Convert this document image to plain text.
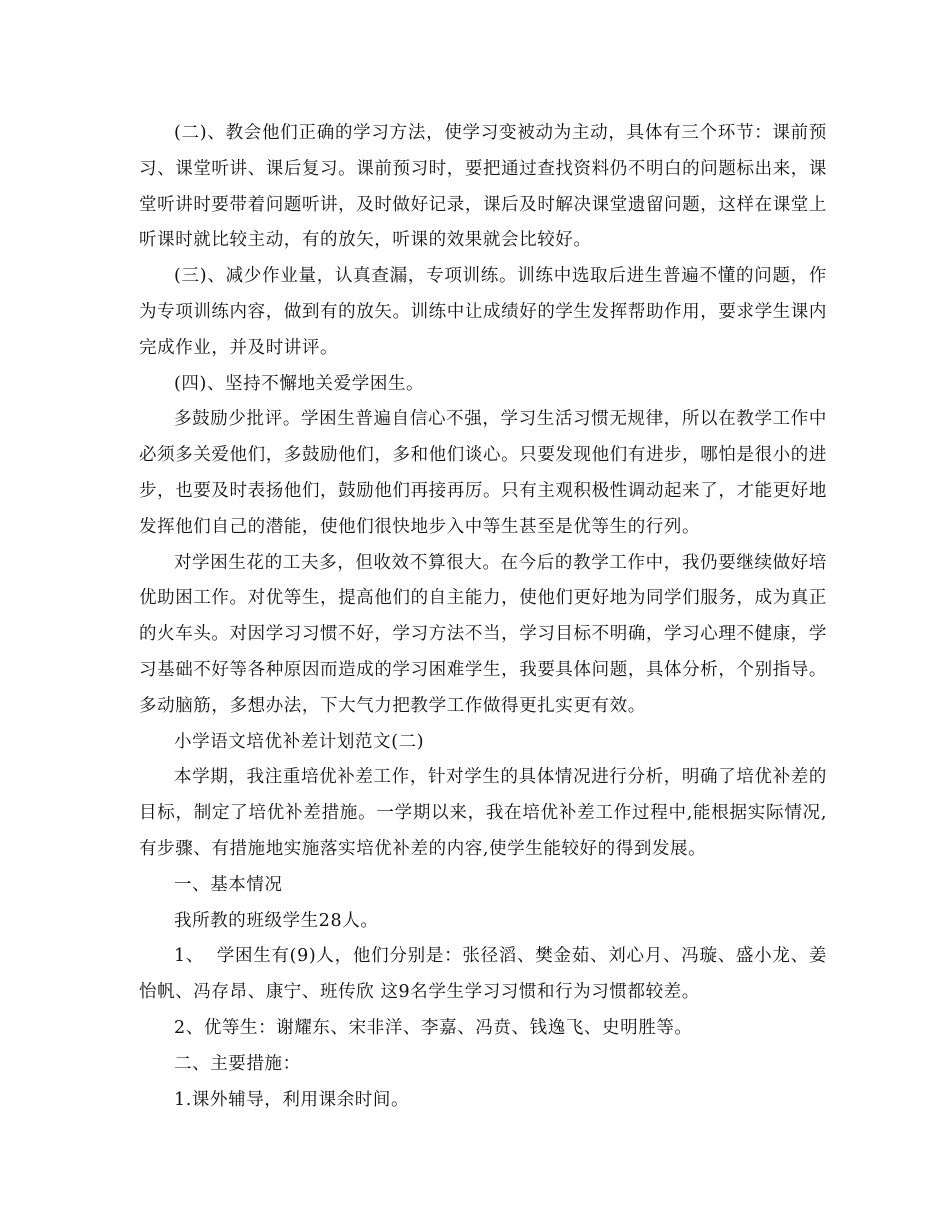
(二)、教会他们正确的学习方法，使学习变被动为主动，具体有三个环节：课前预习、课堂听讲、课后复习。课前预习时，要把通过查找资料仍不明白的问题标出来，课堂听讲时要带着问题听讲，及时做好记录，课后及时解决课堂遗留问题，这样在课堂上听课时就比较主动，有的放矢，听课的效果就会比较好。

(三)、减少作业量，认真查漏，专项训练。训练中选取后进生普遍不懂的问题，作为专项训练内容，做到有的放矢。训练中让成绩好的学生发挥帮助作用，要求学生课内完成作业，并及时讲评。

(四)、坚持不懈地关爱学困生。

多鼓励少批评。学困生普遍自信心不强，学习生活习惯无规律，所以在教学工作中必须多关爱他们，多鼓励他们，多和他们谈心。只要发现他们有进步，哪怕是很小的进步，也要及时表扬他们，鼓励他们再接再厉。只有主观积极性调动起来了，才能更好地发挥他们自己的潜能，使他们很快地步入中等生甚至是优等生的行列。

对学困生花的工夫多，但收效不算很大。在今后的教学工作中，我仍要继续做好培优助困工作。对优等生，提高他们的自主能力，使他们更好地为同学们服务，成为真正的火车头。对因学习习惯不好，学习方法不当，学习目标不明确，学习心理不健康，学习基础不好等各种原因而造成的学习困难学生，我要具体问题，具体分析，个别指导。多动脑筋，多想办法，下大气力把教学工作做得更扎实更有效。

小学语文培优补差计划范文(二)

本学期，我注重培优补差工作，针对学生的具体情况进行分析，明确了培优补差的目标，制定了培优补差措施。一学期以来，我在培优补差工作过程中,能根据实际情况,有步骤、有措施地实施落实培优补差的内容,使学生能较好的得到发展。

一、基本情况

我所教的班级学生28人。

1、  学困生有(9)人，他们分别是：张径滔、樊金茹、刘心月、冯璇、盛小龙、姜怡帆、冯存昂、康宁、班传欣 这9名学生学习习惯和行为习惯都较差。

2、优等生：谢耀东、宋非洋、李嘉、冯贲、钱逸飞、史明胜等。

二、主要措施：

1.课外辅导，利用课余时间。
